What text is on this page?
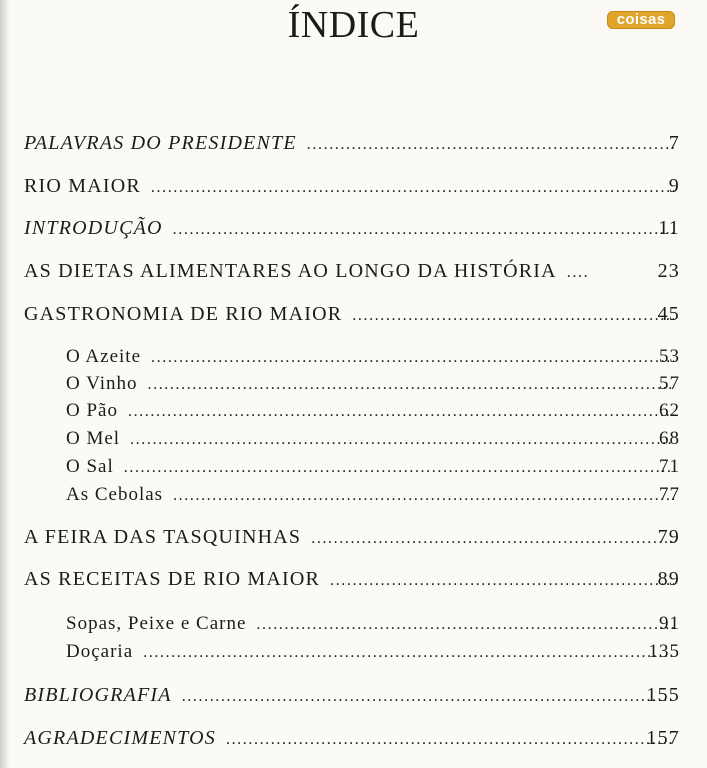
ÍNDICE	coisas
PALAVRAS DO PRESIDENTE .....	7
RIO MAIOR .....	9
INTRODUÇÃO .....	11
AS DIETAS ALIMENTARES AO LONGO DA HISTÓRIA .....	23
GASTRONOMIA DE RIO MAIOR .....	45
O Azeite .....	53
O Vinho .....	57
O Pão .....	62
O Mel .....	68
O Sal .....	71
As Cebolas .....	77
A FEIRA DAS TASQUINHAS .....	79
AS RECEITAS DE RIO MAIOR .....	89
Sopas, Peixe e Carne .....	91
Doçaria .....	135
BIBLIOGRAFIA .....	155
AGRADECIMENTOS .....	157
